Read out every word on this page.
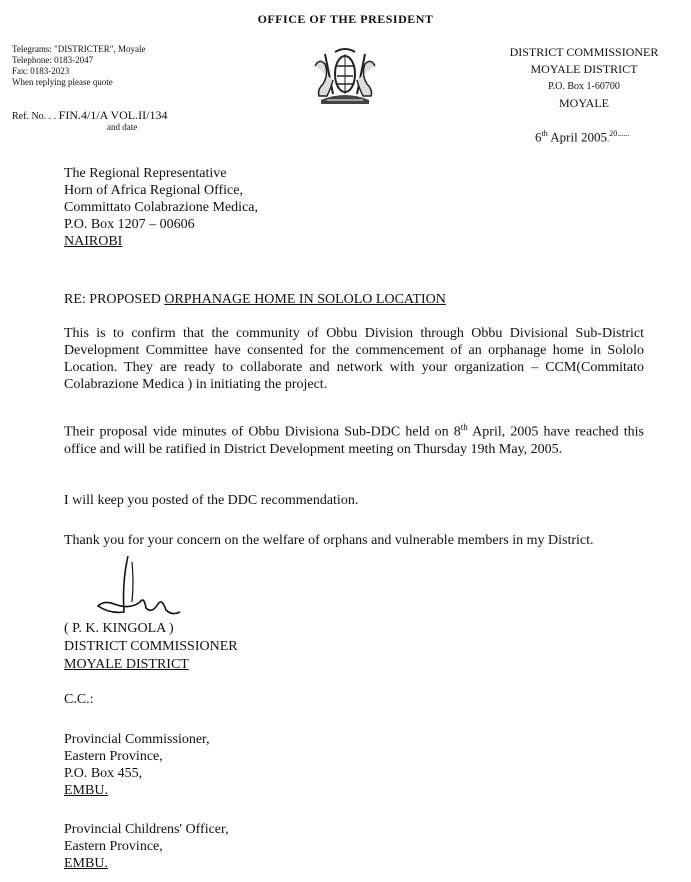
OFFICE OF THE PRESIDENT
Telegrams: "DISTRICTER", Moyale
Telephone: 0183-2047
Fax: 0183-2023
When replying please quote
Ref. No. . . FIN.4/1/A VOL.II/134
and date
DISTRICT COMMISSIONER
MOYALE DISTRICT
P.O. Box 1-60700
MOYALE
6th April 2005.$^{20......}$
The Regional Representative
Horn of Africa Regional Office,
Committato Colabrazione Medica,
P.O. Box 1207 – 00606
NAIROBI
RE: PROPOSED ORPHANAGE HOME IN SOLOLO LOCATION
This is to confirm that the community of Obbu Division through Obbu Divisional Sub-District Development Committee have consented for the commencement of an orphanage home in Sololo Location. They are ready to collaborate and network with your organization – CCM(Commitato Colabrazione Medica ) in initiating the project.
Their proposal vide minutes of Obbu Divisiona Sub-DDC held on 8th April, 2005 have reached this office and will be ratified in District Development meeting on Thursday 19th May, 2005.
I will keep you posted of the DDC recommendation.
Thank you for your concern on the welfare of orphans and vulnerable members in my District.
( P. K. KINGOLA )
DISTRICT COMMISSIONER
MOYALE DISTRICT
C.C.:
Provincial Commissioner,
Eastern Province,
P.O. Box 455,
EMBU.
Provincial Childrens' Officer,
Eastern Province,
EMBU.
